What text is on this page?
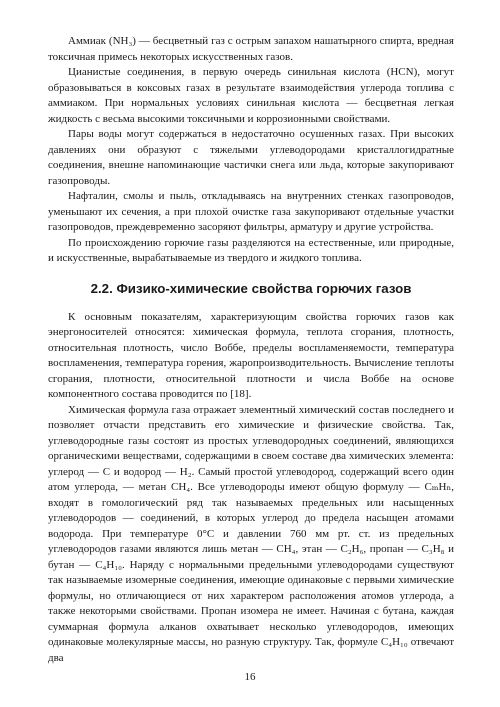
Аммиак (NH₃) — бесцветный газ с острым запахом нашатырного спирта, вредная токсичная примесь некоторых искусственных газов.

Цианистые соединения, в первую очередь синильная кислота (HCN), могут образовываться в коксовых газах в результате взаимодействия углерода топлива с аммиаком. При нормальных условиях синильная кислота — бесцветная легкая жидкость с весьма высокими токсичными и коррозионными свойствами.

Пары воды могут содержаться в недостаточно осушенных газах. При высоких давлениях они образуют с тяжелыми углеводородами кристаллогидратные соединения, внешне напоминающие частички снега или льда, которые закупоривают газопроводы.

Нафталин, смолы и пыль, откладываясь на внутренних стенках газопроводов, уменьшают их сечения, а при плохой очистке газа закупоривают отдельные участки газопроводов, преждевременно засоряют фильтры, арматуру и другие устройства.

По происхождению горючие газы разделяются на естественные, или природные, и искусственные, вырабатываемые из твердого и жидкого топлива.

2.2. Физико-химические свойства горючих газов

К основным показателям, характеризующим свойства горючих газов как энергоносителей относятся: химическая формула, теплота сгорания, плотность, относительная плотность, число Воббе, пределы воспламеняемости, температура воспламенения, температура горения, жаропроизводительность. Вычисление теплоты сгорания, плотности, относительной плотности и числа Воббе на основе компонентного состава проводится по [18].

Химическая формула газа отражает элементный химический состав последнего и позволяет отчасти представить его химические и физические свойства. Так, углеводородные газы состоят из простых углеводородных соединений, являющихся органическими веществами, содержащими в своем составе два химических элемента: углерод — С и водород — H₂. Самый простой углеводород, содержащий всего один атом углерода, — метан CH₄. Все углеводороды имеют общую формулу — CₘHₙ, входят в гомологический ряд так называемых предельных или насыщенных углеводородов — соединений, в которых углерод до предела насыщен атомами водорода. При температуре 0°С и давлении 760 мм рт. ст. из предельных углеводородов газами являются лишь метан — CH₄, этан — C₂H₆, пропан — C₃H₈ и бутан — C₄H₁₀. Наряду с нормальными предельными углеводородами существуют так называемые изомерные соединения, имеющие одинаковые с первыми химические формулы, но отличающиеся от них характером расположения атомов углерода, а также некоторыми свойствами. Пропан изомера не имеет. Начиная с бутана, каждая суммарная формула алканов охватывает несколько углеводородов, имеющих одинаковые молекулярные массы, но разную структуру. Так, формуле C₄H₁₀ отвечают два

16
